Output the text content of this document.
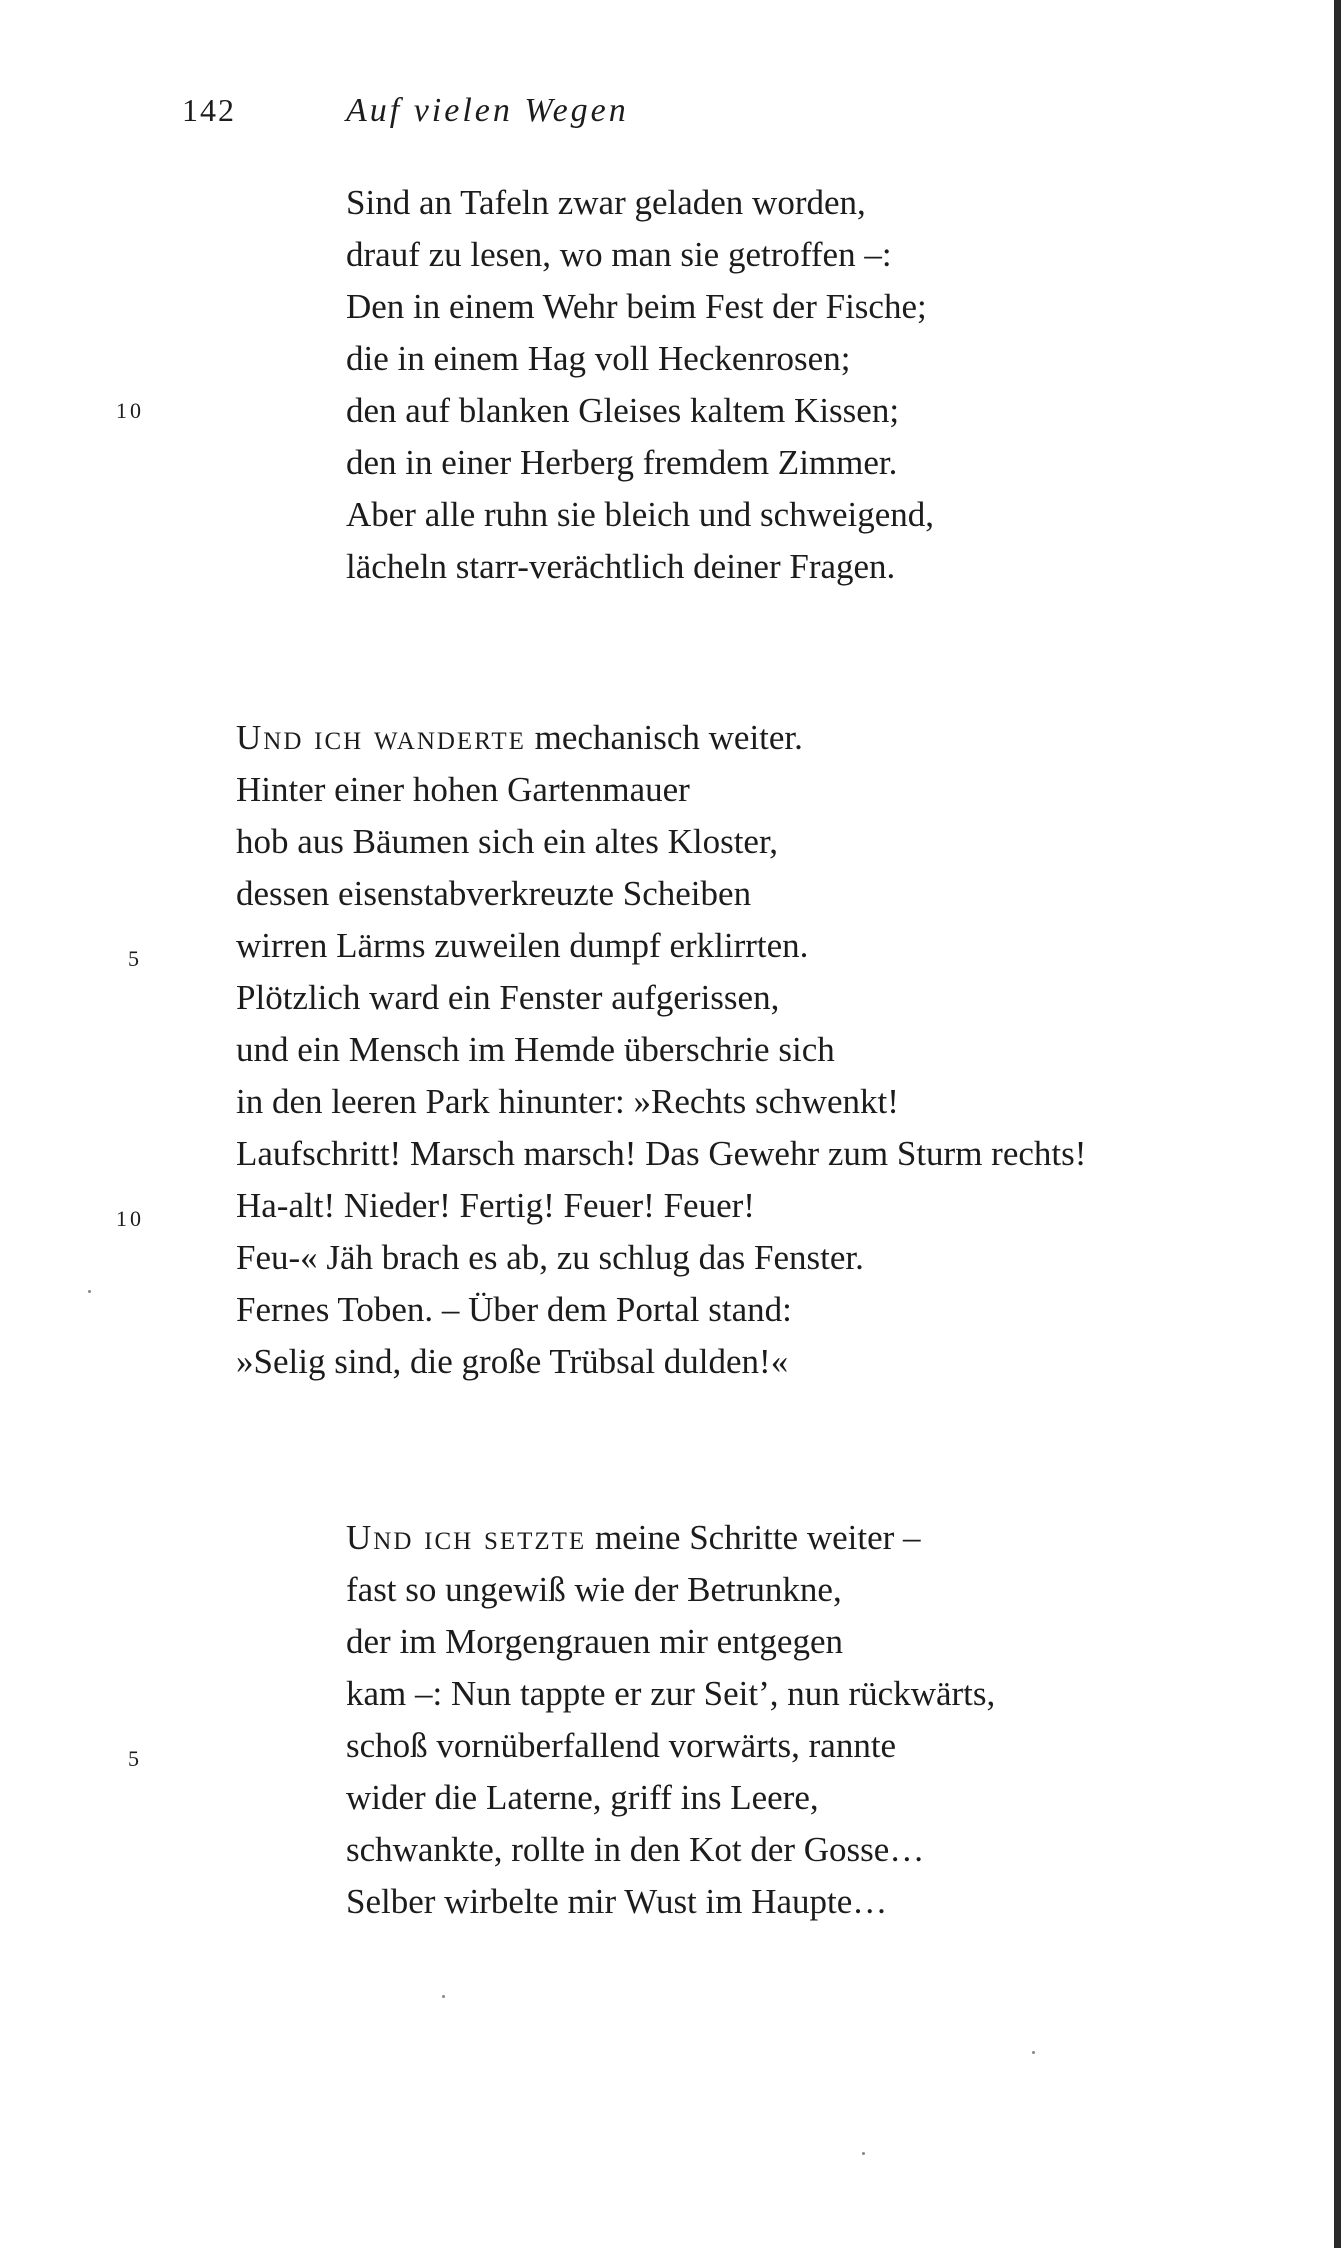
142	Auf vielen Wegen
Sind an Tafeln zwar geladen worden,
drauf zu lesen, wo man sie getroffen –:
Den in einem Wehr beim Fest der Fische;
die in einem Hag voll Heckenrosen;
den auf blanken Gleises kaltem Kissen;
den in einer Herberg fremdem Zimmer.
Aber alle ruhn sie bleich und schweigend,
lächeln starr-verächtlich deiner Fragen.
10
Und ich wanderte mechanisch weiter.
Hinter einer hohen Gartenmauer
hob aus Bäumen sich ein altes Kloster,
dessen eisenstabverkreuzte Scheiben
wirren Lärms zuweilen dumpf erklirrten.
Plötzlich ward ein Fenster aufgerissen,
und ein Mensch im Hemde überschrie sich
in den leeren Park hinunter: »Rechts schwenkt!
Laufschritt! Marsch marsch! Das Gewehr zum Sturm rechts!
Ha-alt! Nieder! Fertig! Feuer! Feuer!
Feu-« Jäh brach es ab, zu schlug das Fenster.
Fernes Toben. – Über dem Portal stand:
»Selig sind, die große Trübsal dulden!«
5
10
Und ich setzte meine Schritte weiter –
fast so ungewiß wie der Betrunkne,
der im Morgengrauen mir entgegen
kam –: Nun tappte er zur Seit’, nun rückwärts,
schoß vornüberfallend vorwärts, rannte
wider die Laterne, griff ins Leere,
schwankte, rollte in den Kot der Gosse…
Selber wirbelte mir Wust im Haupte…
5
